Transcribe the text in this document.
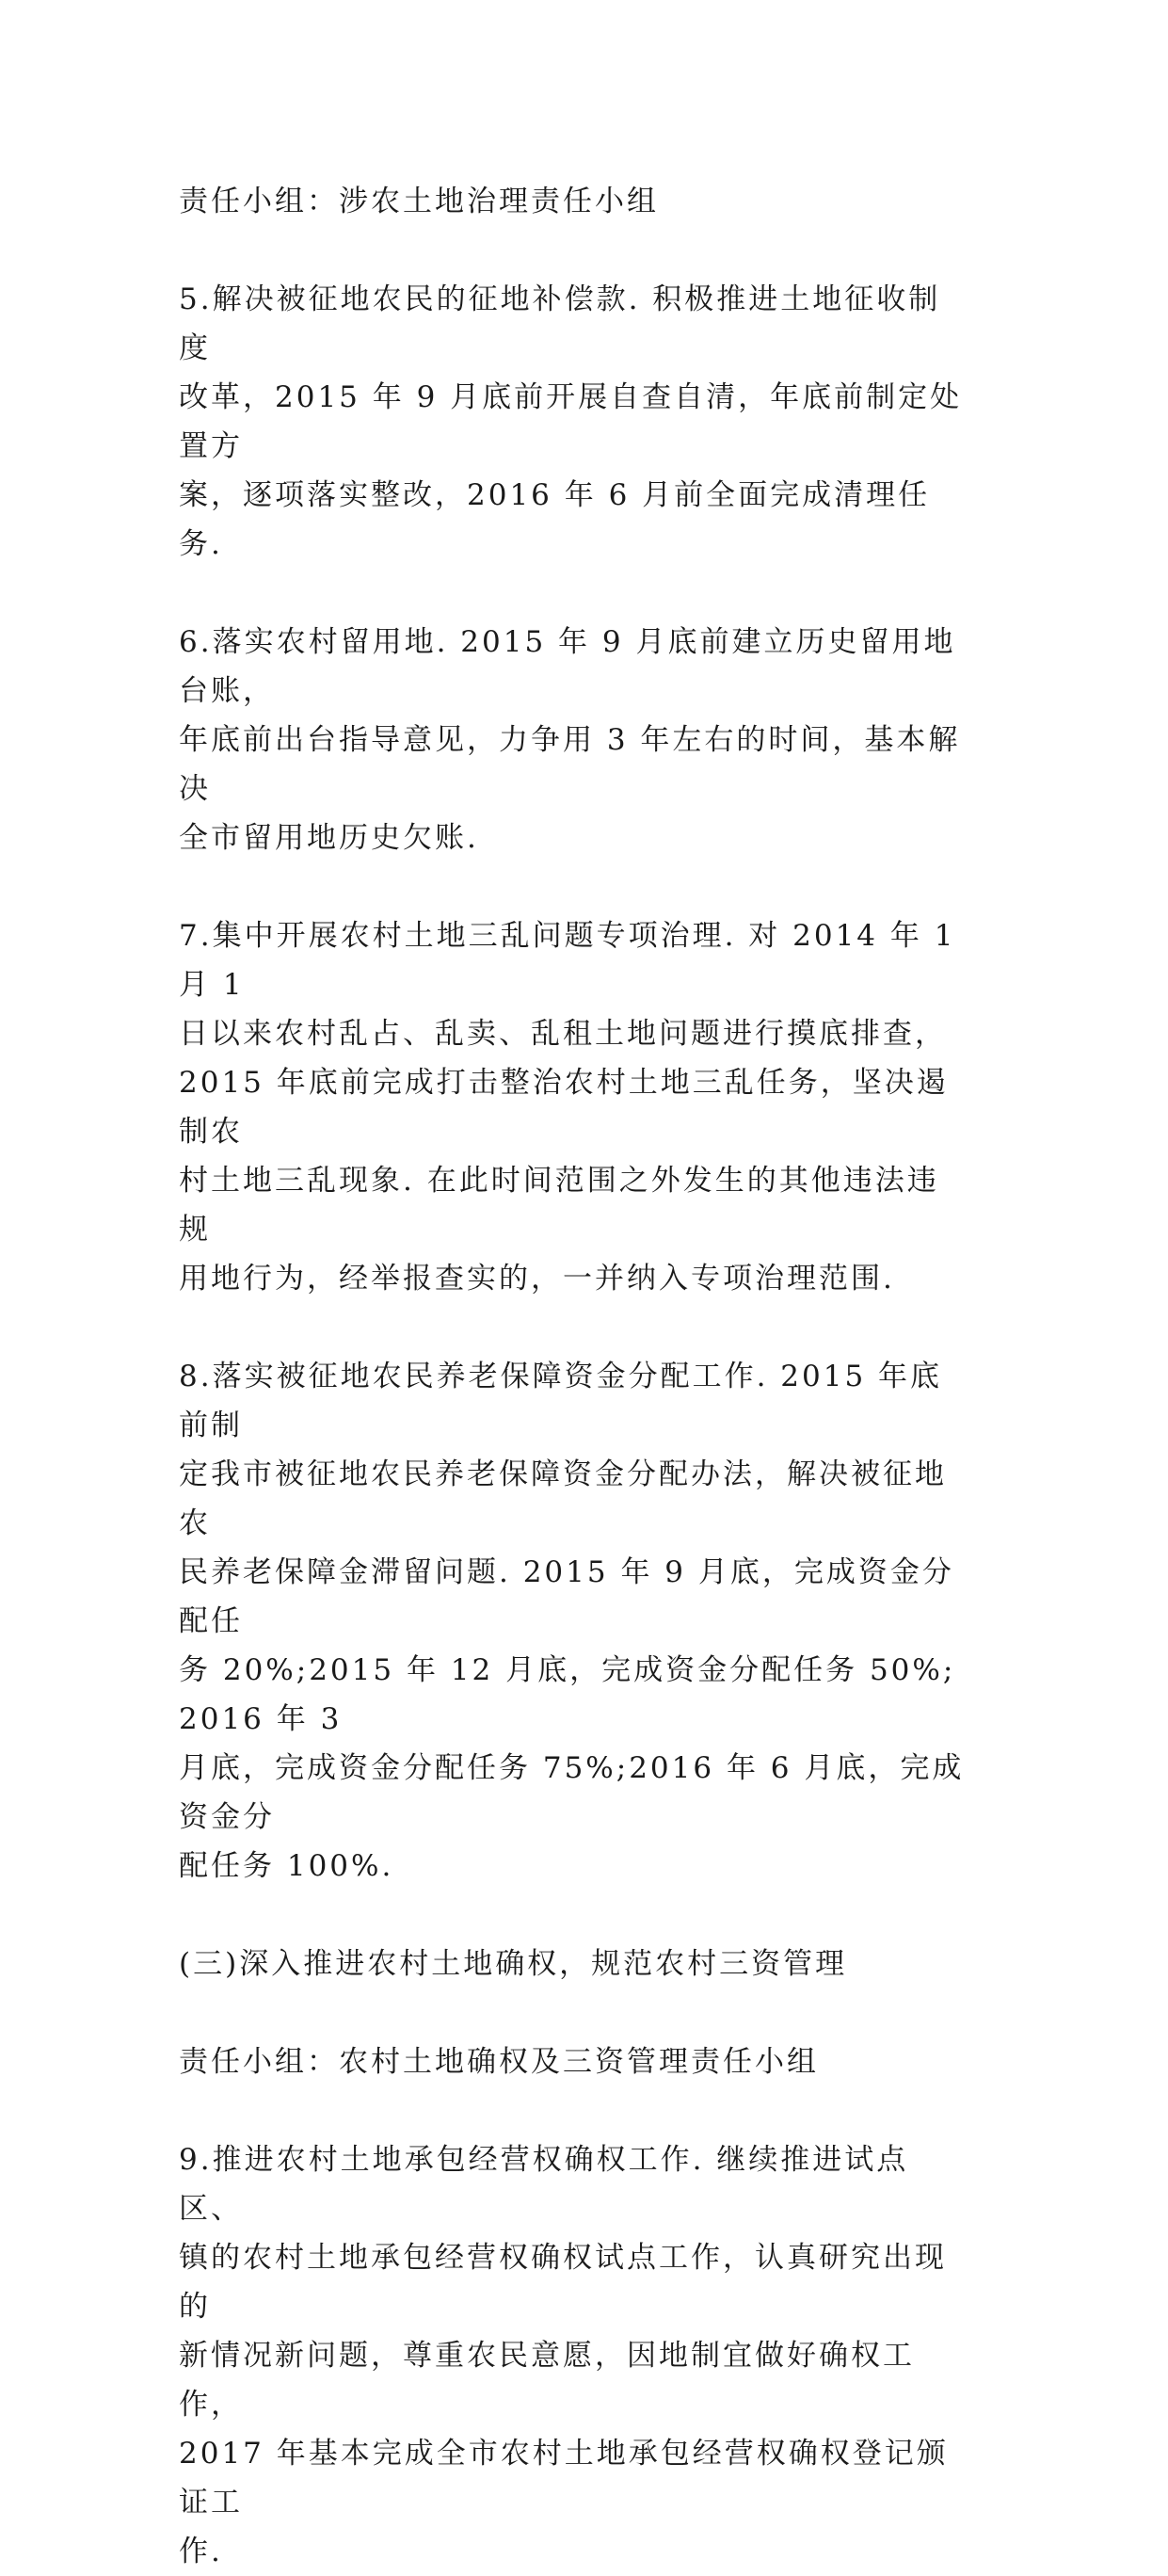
责任小组：涉农土地治理责任小组

5.解决被征地农民的征地补偿款. 积极推进土地征收制度
改革，2015 年 9 月底前开展自查自清，年底前制定处置方
案，逐项落实整改，2016 年 6 月前全面完成清理任务.

6.落实农村留用地. 2015 年 9 月底前建立历史留用地台账，
年底前出台指导意见，力争用 3 年左右的时间，基本解决
全市留用地历史欠账.

7.集中开展农村土地三乱问题专项治理. 对 2014 年 1 月 1
日以来农村乱占、乱卖、乱租土地问题进行摸底排查，
2015 年底前完成打击整治农村土地三乱任务，坚决遏制农
村土地三乱现象. 在此时间范围之外发生的其他违法违规
用地行为，经举报查实的，一并纳入专项治理范围.

8.落实被征地农民养老保障资金分配工作. 2015 年底前制
定我市被征地农民养老保障资金分配办法，解决被征地农
民养老保障金滞留问题. 2015 年 9 月底，完成资金分配任
务 20%;2015 年 12 月底，完成资金分配任务 50%;2016 年 3
月底，完成资金分配任务 75%;2016 年 6 月底，完成资金分
配任务 100%.

(三)深入推进农村土地确权，规范农村三资管理

责任小组：农村土地确权及三资管理责任小组

9.推进农村土地承包经营权确权工作. 继续推进试点区、
镇的农村土地承包经营权确权试点工作，认真研究出现的
新情况新问题，尊重农民意愿，因地制宜做好确权工作，
2017 年基本完成全市农村土地承包经营权确权登记颁证工
作.
